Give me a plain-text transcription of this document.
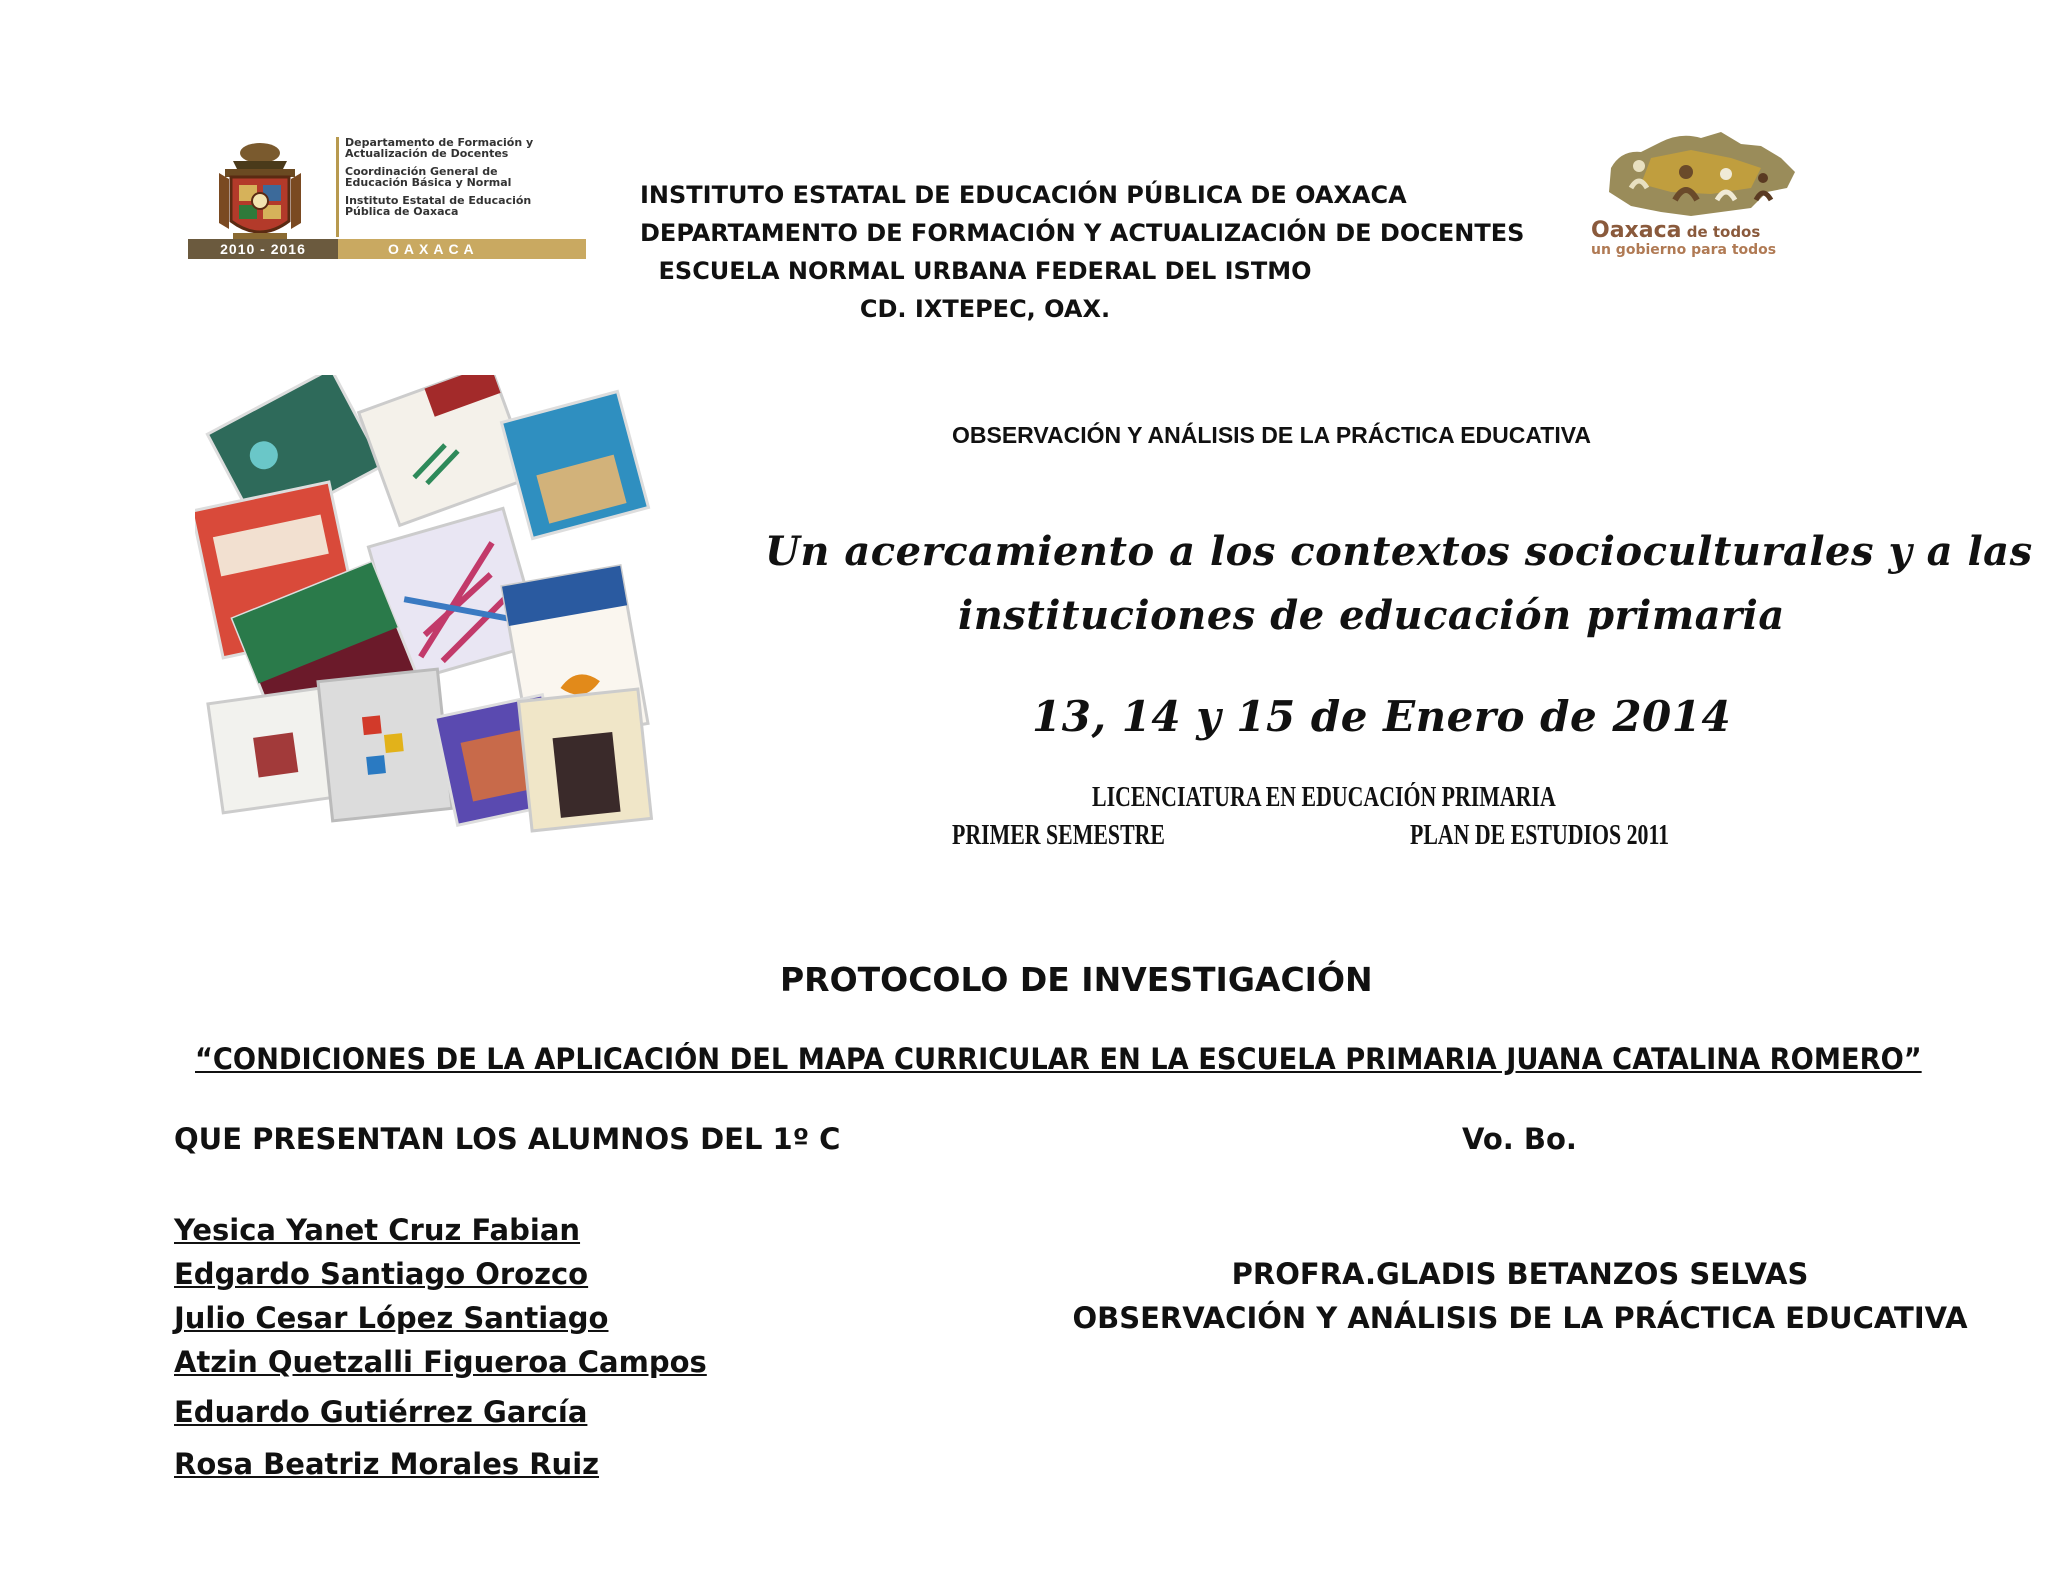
Departamento de Formación y
Actualización de Docentes
Coordinación General de
Educación Básica y Normal
Instituto Estatal de Educación
Pública de Oaxaca
2010 - 2016	OAXACA
Oaxaca de todos
un gobierno para todos
INSTITUTO ESTATAL DE EDUCACIÓN PÚBLICA DE OAXACA
DEPARTAMENTO DE FORMACIÓN Y ACTUALIZACIÓN DE DOCENTES
ESCUELA NORMAL URBANA FEDERAL DEL ISTMO
CD. IXTEPEC, OAX.
OBSERVACIÓN Y ANÁLISIS DE LA PRÁCTICA EDUCATIVA
Un acercamiento a los contextos socioculturales y a las
instituciones de educación primaria
13, 14 y 15 de Enero de 2014
LICENCIATURA EN EDUCACIÓN PRIMARIA
PRIMER SEMESTRE	PLAN DE ESTUDIOS 2011
PROTOCOLO DE INVESTIGACIÓN
“CONDICIONES DE LA APLICACIÓN DEL MAPA CURRICULAR EN LA ESCUELA PRIMARIA JUANA CATALINA ROMERO”
QUE PRESENTAN LOS ALUMNOS DEL 1º C	Vo. Bo.
Yesica Yanet Cruz Fabian
Edgardo Santiago Orozco
Julio Cesar López Santiago
Atzin Quetzalli Figueroa Campos
Eduardo Gutiérrez García
Rosa Beatriz Morales Ruiz
PROFRA.GLADIS BETANZOS SELVAS
OBSERVACIÓN Y ANÁLISIS DE LA PRÁCTICA EDUCATIVA
